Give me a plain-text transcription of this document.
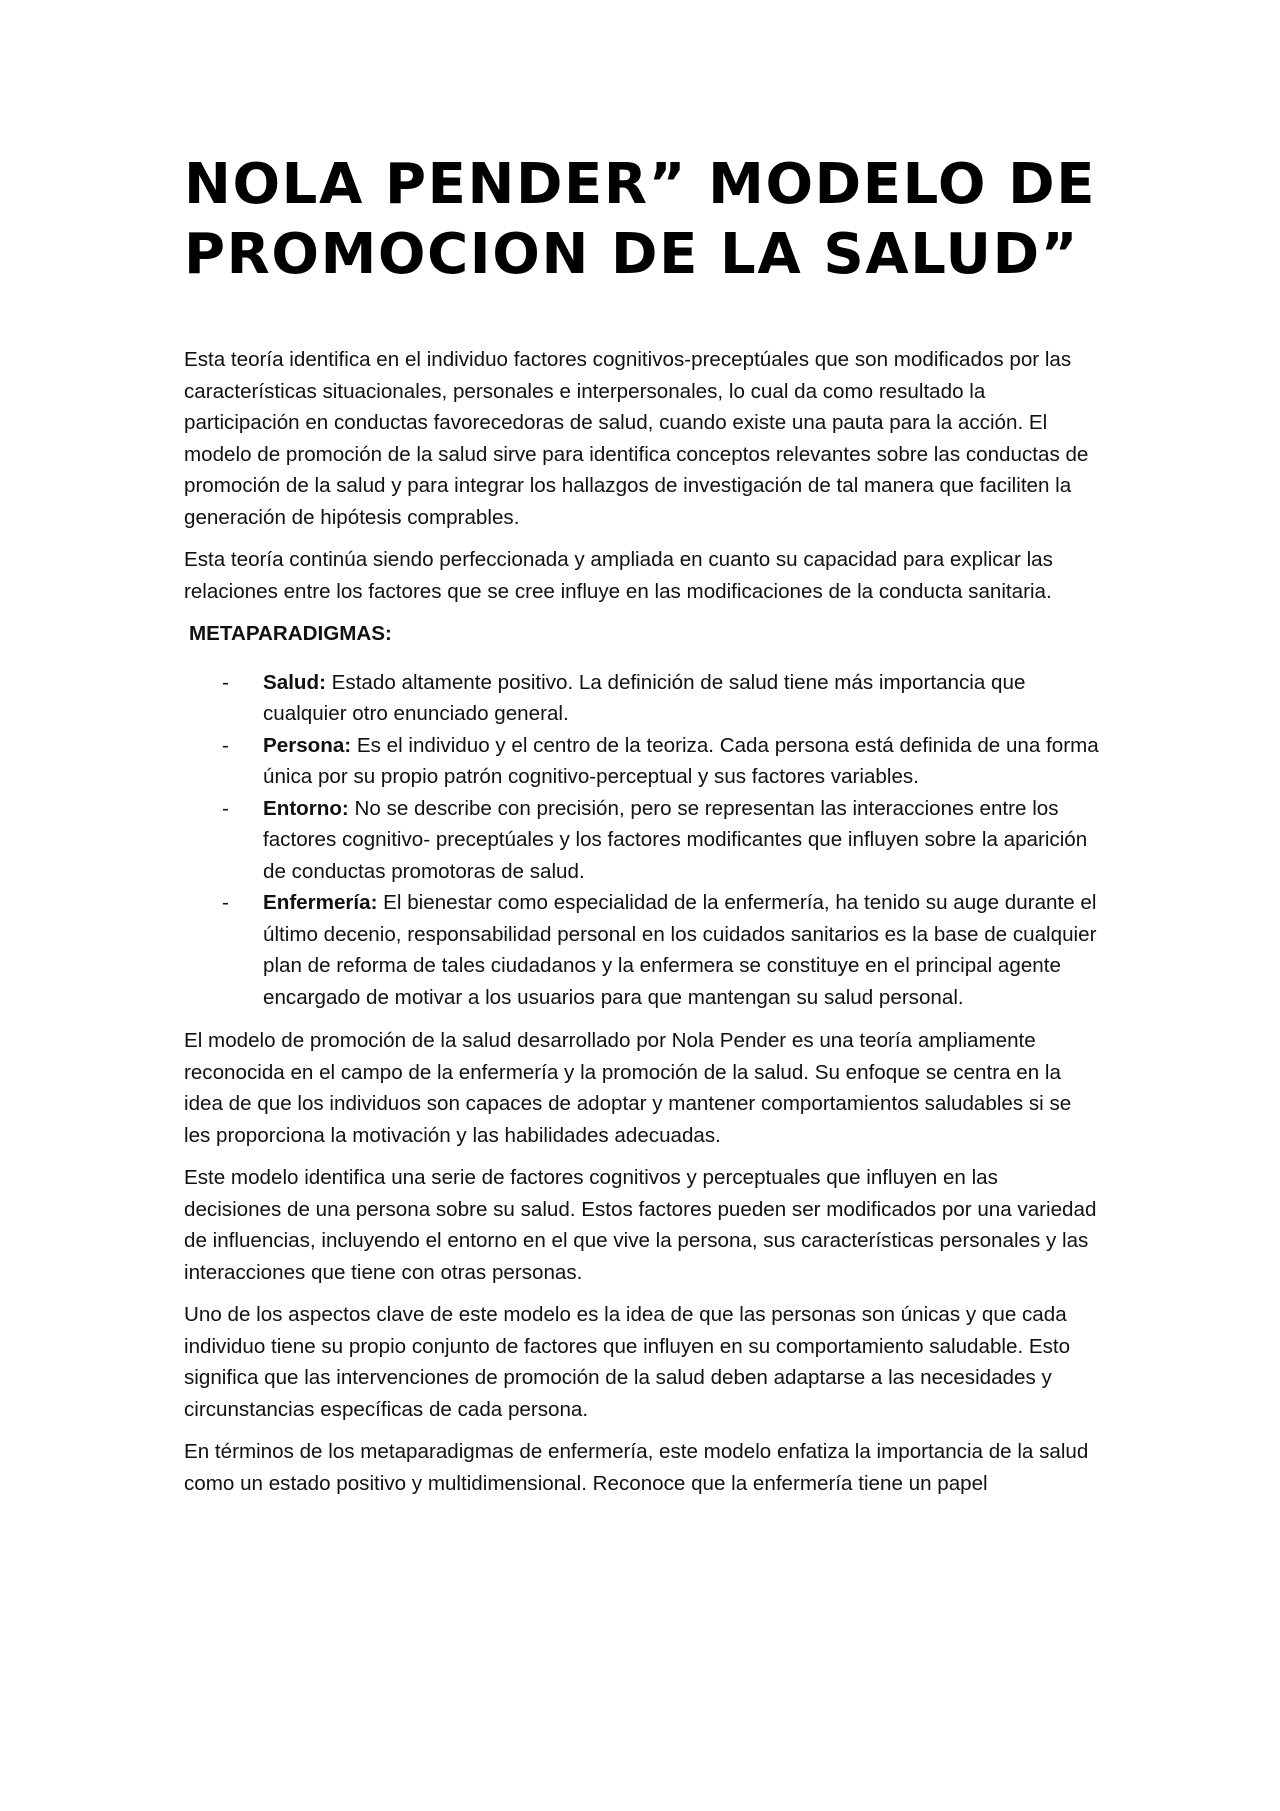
NOLA PENDER” MODELO DE PROMOCION DE LA SALUD”

Esta teoría identifica en el individuo factores cognitivos-preceptúales que son modificados por las características situacionales, personales e interpersonales, lo cual da como resultado la participación en conductas favorecedoras de salud, cuando existe una pauta para la acción. El modelo de promoción de la salud sirve para identifica conceptos relevantes sobre las conductas de promoción de la salud y para integrar los hallazgos de investigación de tal manera que faciliten la generación de hipótesis comprables.

Esta teoría continúa siendo perfeccionada y ampliada en cuanto su capacidad para explicar las relaciones entre los factores que se cree influye en las modificaciones de la conducta sanitaria.

METAPARADIGMAS:
- Salud: Estado altamente positivo. La definición de salud tiene más importancia que cualquier otro enunciado general.
- Persona: Es el individuo y el centro de la teoriza. Cada persona está definida de una forma única por su propio patrón cognitivo-perceptual y sus factores variables.
- Entorno: No se describe con precisión, pero se representan las interacciones entre los factores cognitivo- preceptúales y los factores modificantes que influyen sobre la aparición de conductas promotoras de salud.
- Enfermería: El bienestar como especialidad de la enfermería, ha tenido su auge durante el último decenio, responsabilidad personal en los cuidados sanitarios es la base de cualquier plan de reforma de tales ciudadanos y la enfermera se constituye en el principal agente encargado de motivar a los usuarios para que mantengan su salud personal.

El modelo de promoción de la salud desarrollado por Nola Pender es una teoría ampliamente reconocida en el campo de la enfermería y la promoción de la salud. Su enfoque se centra en la idea de que los individuos son capaces de adoptar y mantener comportamientos saludables si se les proporciona la motivación y las habilidades adecuadas.

Este modelo identifica una serie de factores cognitivos y perceptuales que influyen en las decisiones de una persona sobre su salud. Estos factores pueden ser modificados por una variedad de influencias, incluyendo el entorno en el que vive la persona, sus características personales y las interacciones que tiene con otras personas.

Uno de los aspectos clave de este modelo es la idea de que las personas son únicas y que cada individuo tiene su propio conjunto de factores que influyen en su comportamiento saludable. Esto significa que las intervenciones de promoción de la salud deben adaptarse a las necesidades y circunstancias específicas de cada persona.

En términos de los metaparadigmas de enfermería, este modelo enfatiza la importancia de la salud como un estado positivo y multidimensional. Reconoce que la enfermería tiene un papel
